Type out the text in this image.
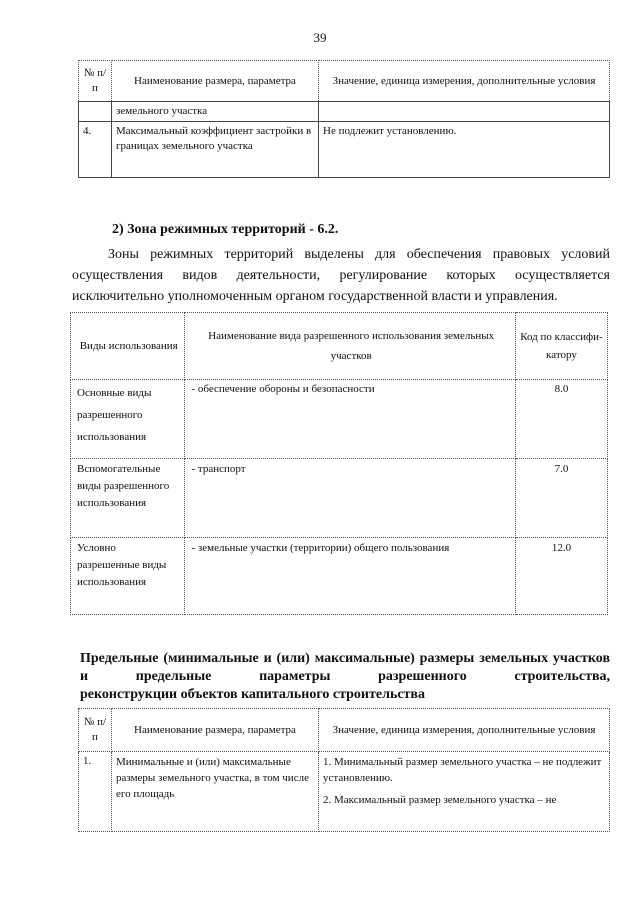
39
№ п/п	Наименование размера, параметра	Значение, единица измерения, дополнительные условия
	земельного участка	
4.	Максимальный коэффициент застройки в границах земельного участка	Не подлежит установлению.
2) Зона режимных территорий - 6.2.
Зоны режимных территорий выделены для обеспечения правовых условий осуществления видов деятельности, регулирование которых осуществляется исключительно уполномоченным органом государственной власти и управления.
Виды использования	Наименование вида разрешенного использования земельных участков	Код по классифи-катору
Основные виды разрешенного использования	- обеспечение обороны и безопасности	8.0
Вспомогательные виды разрешенного использования	- транспорт	7.0
Условно разрешенные виды использования	- земельные участки (территории) общего пользования	12.0
Предельные (минимальные и (или) максимальные) размеры земельных участков и предельные параметры разрешенного строительства,
реконструкции объектов капитального строительства
№ п/п	Наименование размера, параметра	Значение, единица измерения, дополнительные условия
1.	Минимальные и (или) максимальные размеры земельного участка, в том числе его площадь	1. Минимальный размер земельного участка – не подлежит установлению.

2. Максимальный размер земельного участка – не
